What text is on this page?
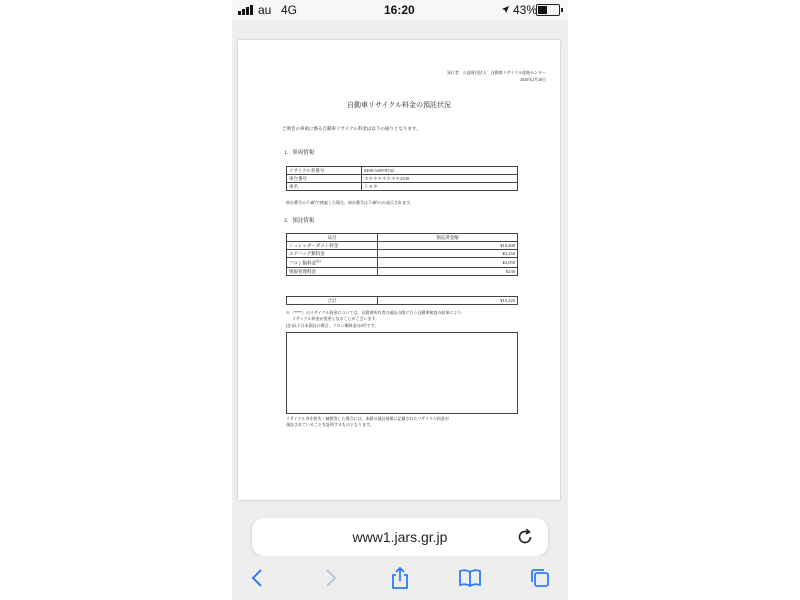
au 4G	16:20	43%
発行者：公益財団法人　自動車リサイクル促進センター
2020年2月20日
自動車リサイクル料金の預託状況
ご照会の車両に係る自動車リサイクル料金は以下の通りとなります。
1．車両情報
リサイクル券番号	0400-5459-8742
車台番号	＊＊＊＊＊＊＊＊2330
車名	トヨタ
車台番号の下4桁で検索した場合、車台番号は下4桁のみ表示されます。
2．預託情報
品目	預託済金額
シュレッダーダスト料金	¥10,490
エアバッグ類料金	¥2,250
フロン類料金$^{(注)}$	¥2,050
情報管理料金	¥230
合計	¥15,220
※「****」のリサイクル料金については、自動車所有者の預託の際に行う自動車検査の結果により
リサイクル料金が変更となることがございます。
(注)以下は未預託の場合、フロン類料金は0円です。
リサイクル券を紛失・破損等した場合には、本紙の預託情報に記載されたリサイクル料金が
預託されていることを証明するものとなります。
www1.jars.gr.jp
